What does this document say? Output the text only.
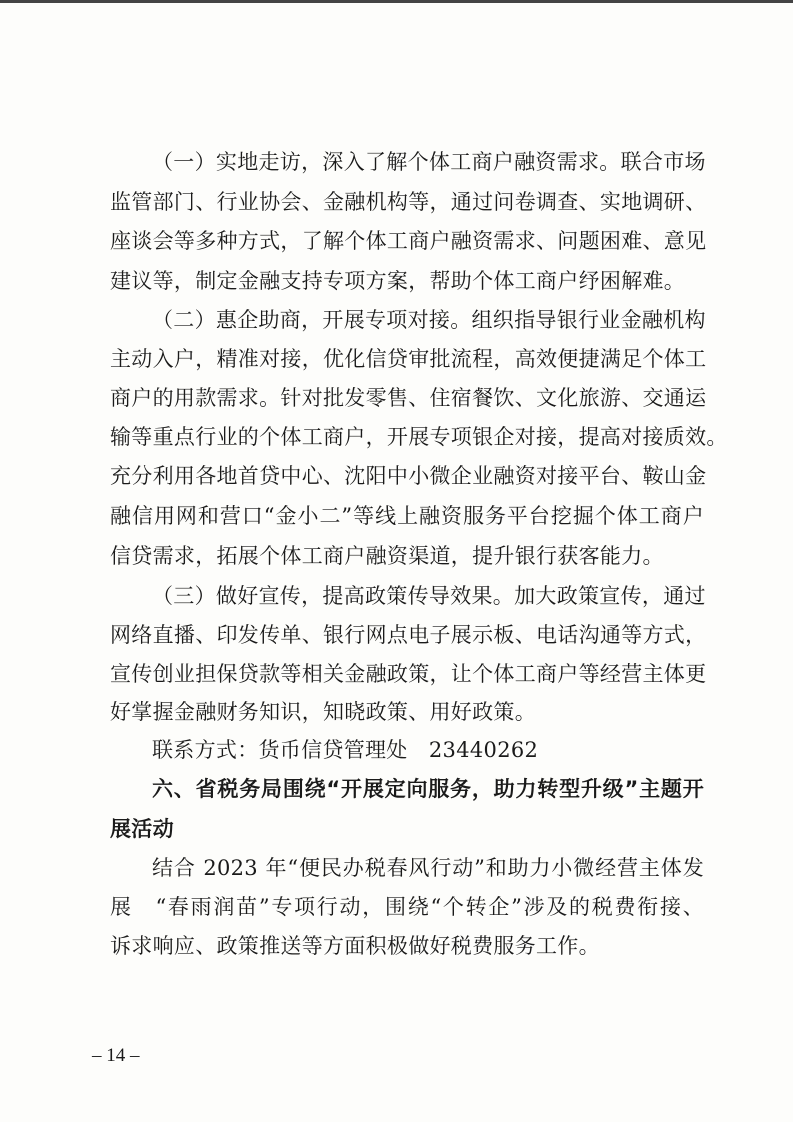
（一）实地走访，深入了解个体工商户融资需求。联合市场
监管部门、行业协会、金融机构等，通过问卷调查、实地调研、
座谈会等多种方式，了解个体工商户融资需求、问题困难、意见
建议等，制定金融支持专项方案，帮助个体工商户纾困解难。
（二）惠企助商，开展专项对接。组织指导银行业金融机构
主动入户，精准对接，优化信贷审批流程，高效便捷满足个体工
商户的用款需求。针对批发零售、住宿餐饮、文化旅游、交通运
输等重点行业的个体工商户，开展专项银企对接，提高对接质效。
充分利用各地首贷中心、沈阳中小微企业融资对接平台、鞍山金
融信用网和营口“金小二”等线上融资服务平台挖掘个体工商户
信贷需求，拓展个体工商户融资渠道，提升银行获客能力。
（三）做好宣传，提高政策传导效果。加大政策宣传，通过
网络直播、印发传单、银行网点电子展示板、电话沟通等方式，
宣传创业担保贷款等相关金融政策，让个体工商户等经营主体更
好掌握金融财务知识，知晓政策、用好政策。
联系方式：货币信贷管理处　23440262
六、省税务局围绕“开展定向服务，助力转型升级”主题开
展活动
结合 2023 年“便民办税春风行动”和助力小微经营主体发
展　“春雨润苗”专项行动，围绕“个转企”涉及的税费衔接、
诉求响应、政策推送等方面积极做好税费服务工作。
– 14 –
